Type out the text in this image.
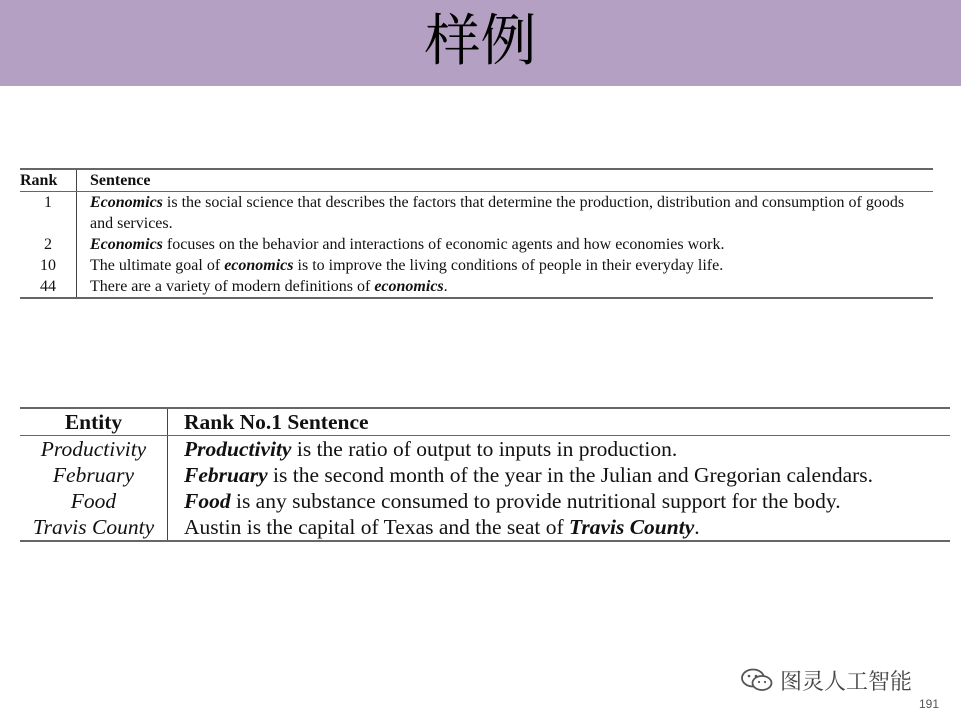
样例
Rank	Sentence
1	Economics is the social science that describes the factors that determine the production, distribution and consumption of goods and services.
2	Economics focuses on the behavior and interactions of economic agents and how economies work.
10	The ultimate goal of economics is to improve the living conditions of people in their everyday life.
44	There are a variety of modern definitions of economics.
Entity	Rank No.1 Sentence
Productivity	Productivity is the ratio of output to inputs in production.
February	February is the second month of the year in the Julian and Gregorian calendars.
Food	Food is any substance consumed to provide nutritional support for the body.
Travis County	Austin is the capital of Texas and the seat of Travis County.
图灵人工智能
191
